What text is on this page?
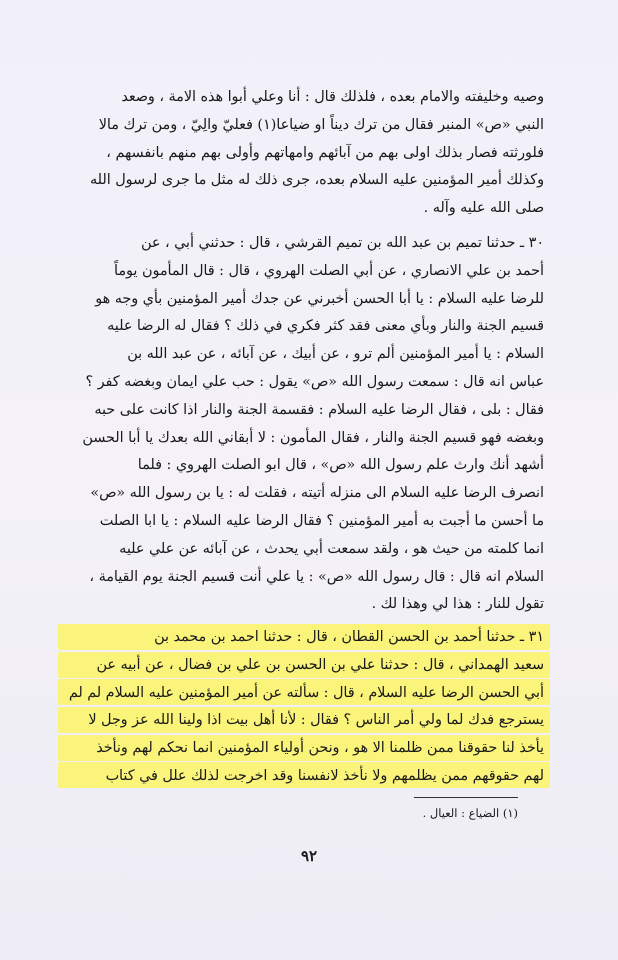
وصيه وخليفته والامام بعده ، فلذلك قال : أنا وعلي أبوا هذه الامة ، وصعد
النبي «ص» المنبر فقال من ترك ديناً او ضياعا(١) فعليّ والِيّ ، ومن ترك مالا
فلورثته فصار بذلك اولى بهم من آبائهم وامهاتهم وأولى بهم منهم بانفسهم ،
وكذلك أمير المؤمنين عليه السلام بعده، جرى ذلك له مثل ما جرى لرسول الله
صلى الله عليه وآله .
٣٠ ـ حدثنا تميم بن عبد الله بن تميم القرشي ، قال : حدثني أبي ، عن
أحمد بن علي الانصاري ، عن أبي الصلت الهروي ، قال : قال المأمون يوماً
للرضا عليه السلام : يا أبا الحسن أخبرني عن جدك أمير المؤمنين بأي وجه هو
قسيم الجنة والنار وبأي معنى فقد كثر فكري في ذلك ؟ فقال له الرضا عليه
السلام : يا أمير المؤمنين ألم ترو ، عن أبيك ، عن آبائه ، عن عبد الله بن
عباس انه قال : سمعت رسول الله «ص» يقول : حب علي ايمان وبغضه كفر ؟
فقال : بلى ، فقال الرضا عليه السلام : فقسمة الجنة والنار اذا كانت على حبه
وبغضه فهو قسيم الجنة والنار ، فقال المأمون : لا أبقاني الله بعدك يا أبا الحسن
أشهد أنك وارث علم رسول الله «ص» ، قال ابو الصلت الهروي : فلما
انصرف الرضا عليه السلام الى منزله أتيته ، فقلت له : يا بن رسول الله «ص»
ما أحسن ما أجبت به أمير المؤمنين ؟ فقال الرضا عليه السلام : يا ابا الصلت
انما كلمته من حيث هو ، ولقد سمعت أبي يحدث ، عن آبائه عن علي عليه
السلام انه قال : قال رسول الله «ص» : يا علي أنت قسيم الجنة يوم القيامة ،
تقول للنار : هذا لي وهذا لك .
٣١ ـ حدثنا أحمد بن الحسن القطان ، قال : حدثنا احمد بن محمد بن
سعيد الهمداني ، قال : حدثنا علي بن الحسن بن علي بن فضال ، عن أبيه عن
أبي الحسن الرضا عليه السلام ، قال : سألته عن أمير المؤمنين عليه السلام لم لم
يسترجع فدك لما ولي أمر الناس ؟ فقال : لأنا أهل بيت اذا ولينا الله عز وجل لا
يأخذ لنا حقوقنا ممن ظلمنا الا هو ، ونحن أولياء المؤمنين انما نحكم لهم ونأخذ
لهم حقوقهم ممن يظلمهم ولا نأخذ لانفسنا وقد اخرجت لذلك علل في كتاب
(١) الضياع : العيال .
٩٢
